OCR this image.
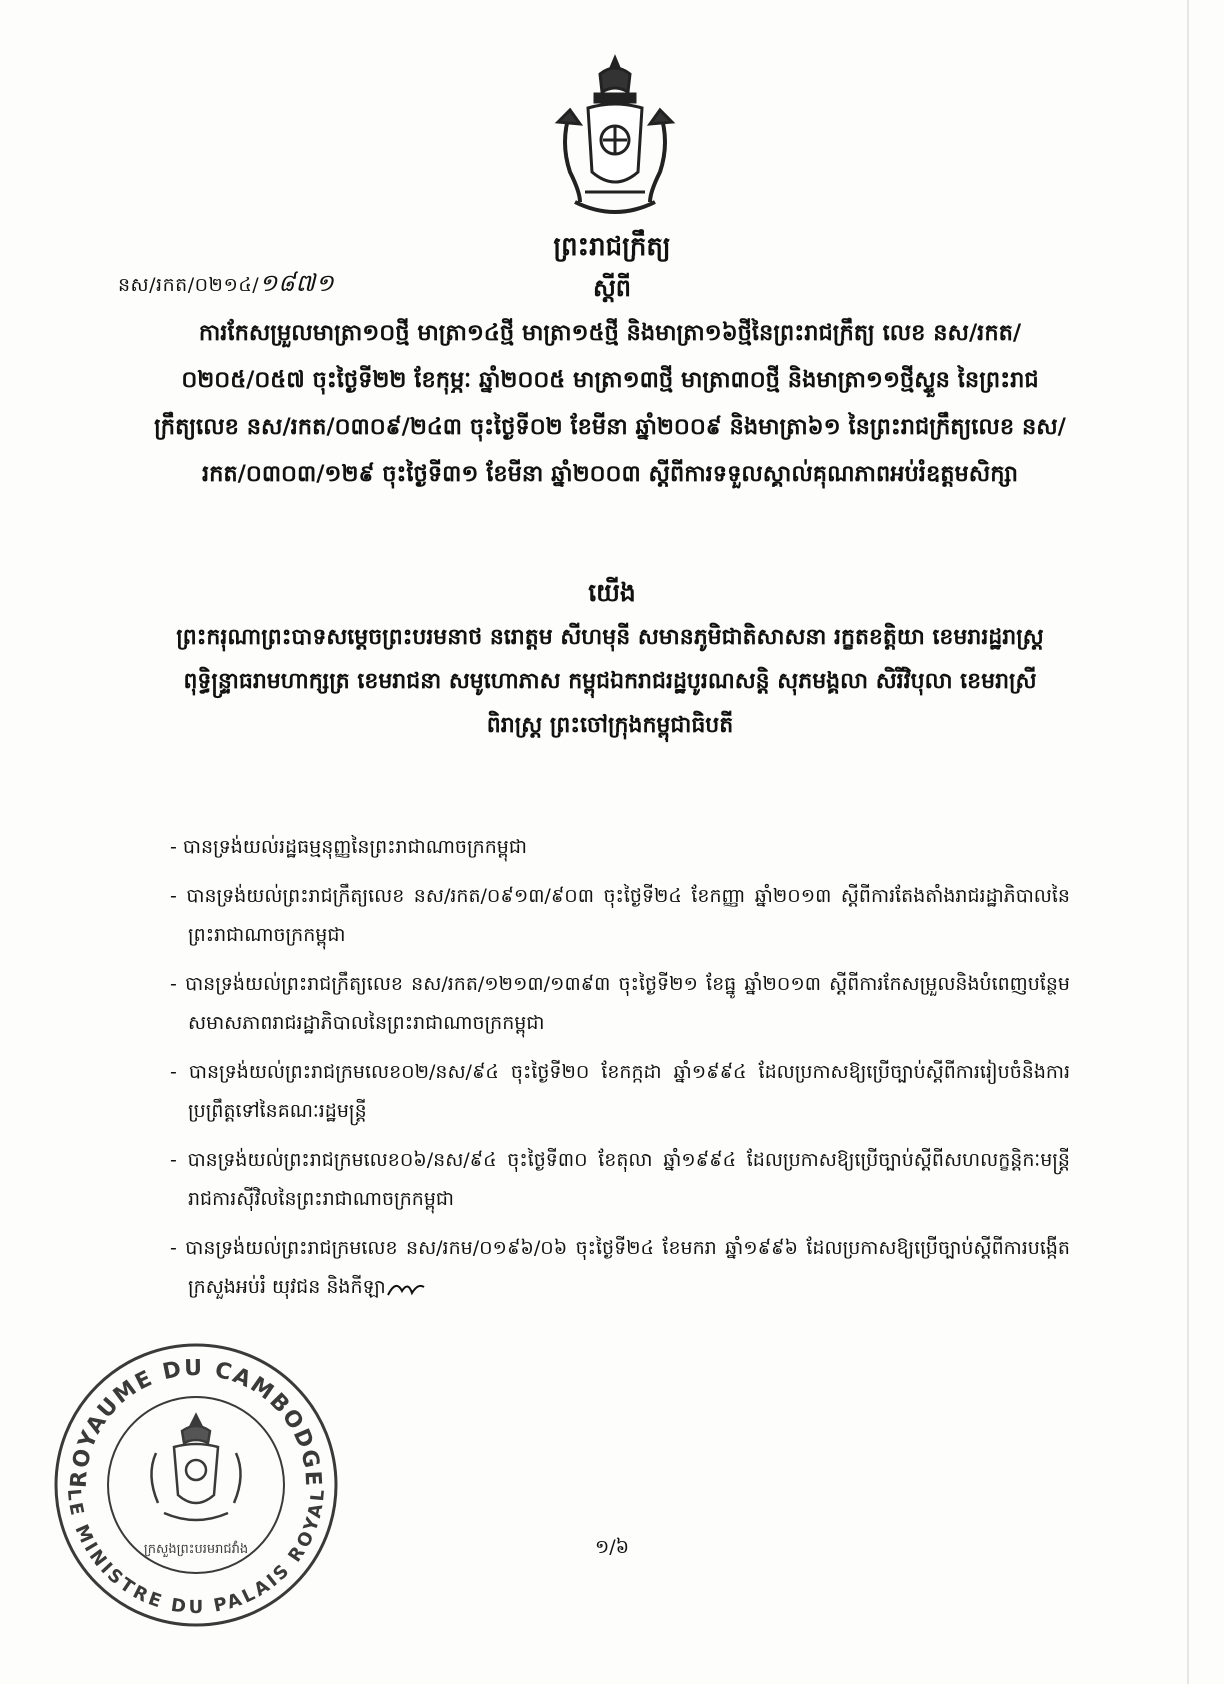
ព្រះរាជក្រឹត្យ
នស/រកត/០២១៤/១៨៧១	ស្តីពី
ការកែសម្រួលមាត្រា១០ថ្មី មាត្រា១៤ថ្មី មាត្រា១៥ថ្មី និងមាត្រា១៦ថ្មីនៃព្រះរាជក្រឹត្យ លេខ នស/រកត/០២០៥/០៥៧ ចុះថ្ងៃទី២២ ខែកុម្ភៈ ឆ្នាំ២០០៥ មាត្រា១៣ថ្មី មាត្រា៣០ថ្មី និងមាត្រា១១ថ្មីស្ទួន នៃព្រះរាជក្រឹត្យលេខ នស/រកត/០៣០៩/២៤៣ ចុះថ្ងៃទី០២ ខែមីនា ឆ្នាំ២០០៩ និងមាត្រា៦១ នៃព្រះរាជក្រឹត្យលេខ នស/រកត/០៣០៣/១២៩ ចុះថ្ងៃទី៣១ ខែមីនា ឆ្នាំ២០០៣ ស្តីពីការទទួលស្គាល់គុណភាពអប់រំឧត្តមសិក្សា
យើង
ព្រះករុណាព្រះបាទសម្តេចព្រះបរមនាថ នរោត្តម សីហមុនី សមានភូមិជាតិសាសនា រក្ខតខត្តិយា ខេមរារដ្ឋរាស្ត្រ ពុទ្ធិន្ទ្រាធរាមហាក្សត្រ ខេមរាជនា សមូហោភាស កម្ពុជឯករាជរដ្ឋបូរណសន្តិ សុភមង្គលា សិរីវិបុលា ខេមរាស្រីពិរាស្ត្រ ព្រះចៅក្រុងកម្ពុជាធិបតី
- បានទ្រង់យល់រដ្ឋធម្មនុញ្ញនៃព្រះរាជាណាចក្រកម្ពុជា
- បានទ្រង់យល់ព្រះរាជក្រឹត្យលេខ នស/រកត/០៩១៣/៩០៣ ចុះថ្ងៃទី២៤ ខែកញ្ញា ឆ្នាំ២០១៣ ស្តីពីការតែងតាំងរាជរដ្ឋាភិបាលនៃព្រះរាជាណាចក្រកម្ពុជា
- បានទ្រង់យល់ព្រះរាជក្រឹត្យលេខ នស/រកត/១២១៣/១៣៩៣ ចុះថ្ងៃទី២១ ខែធ្នូ ឆ្នាំ២០១៣ ស្តីពីការកែសម្រួលនិងបំពេញបន្ថែមសមាសភាពរាជរដ្ឋាភិបាលនៃព្រះរាជាណាចក្រកម្ពុជា
- បានទ្រង់យល់ព្រះរាជក្រមលេខ០២/នស/៩៤ ចុះថ្ងៃទី២០ ខែកក្កដា ឆ្នាំ១៩៩៤ ដែលប្រកាសឱ្យប្រើច្បាប់ស្តីពីការរៀបចំនិងការប្រព្រឹត្តទៅនៃគណៈរដ្ឋមន្ត្រី
- បានទ្រង់យល់ព្រះរាជក្រមលេខ០៦/នស/៩៤ ចុះថ្ងៃទី៣០ ខែតុលា ឆ្នាំ១៩៩៤ ដែលប្រកាសឱ្យប្រើច្បាប់ស្តីពីសហលក្ខន្តិកៈមន្ត្រីរាជការស៊ីវិលនៃព្រះរាជាណាចក្រកម្ពុជា
- បានទ្រង់យល់ព្រះរាជក្រមលេខ នស/រកម/០១៩៦/០៦ ចុះថ្ងៃទី២៤ ខែមករា ឆ្នាំ១៩៩៦ ដែលប្រកាសឱ្យប្រើច្បាប់ស្តីពីការបង្កើតក្រសួងអប់រំ យុវជន និងកីឡា
ROYAUME DU CAMBODGE
LE MINISTRE DU PALAIS ROYAL
ក្រសួងព្រះបរមរាជវាំង	១/៦
